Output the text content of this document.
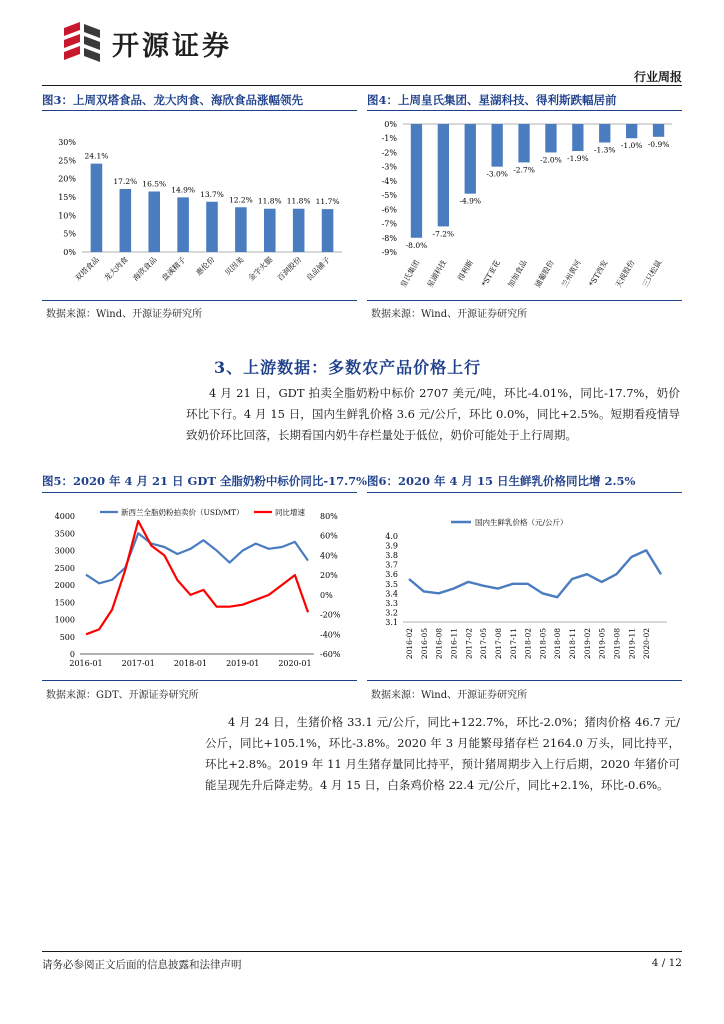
开源证券
行业周报
图3：上周双塔食品、龙大肉食、海欣食品涨幅领先
0%
5%
10%
15%
20%
25%
30%
24.1%
双塔食品
17.2%
龙大肉食
16.5%
海欣食品
14.9%
盘溪精子
13.7%
惠伦份
12.2%
贝因美
11.8%
金字火腿
11.8%
百润股份
11.7%
良品铺子
数据来源：Wind、开源证券研究所
图4：上周皇氏集团、星湖科技、得利斯跌幅居前
0%
-1%
-2%
-3%
-4%
-5%
-6%
-7%
-8%
-9%
-8.0%
-7.2%
-4.9%
-3.0% -2.7%
-2.0% -1.9%
-1.3% -1.0% -0.9%
皇氏集团 星湖科技 得利斯 *ST亚花 加加食品 通葡股份 兰州黄河 *ST西发 天视股份 三只松鼠
数据来源：Wind、开源证券研究所
3、上游数据：多数农产品价格上行
4 月 21 日，GDT 拍卖全脂奶粉中标价 2707 美元/吨，环比-4.01%，同比-17.7%，奶价环比下行。4 月 15 日，国内生鲜乳价格 3.6 元/公斤，环比 0.0%，同比+2.5%。短期看疫情导致奶价环比回落，长期看国内奶牛存栏量处于低位，奶价可能处于上行周期。
图5：2020 年 4 月 21 日 GDT 全脂奶粉中标价同比-17.7%
0
500
1000
1500
2000
2500
3000
3500
4000
-60%
-40%
-20%
0%
20%
40%
60%
80%
2016-01 2017-01 2018-01 2019-01 2020-01
新西兰全脂奶粉拍卖价（USD/MT）	同比增速
数据来源：GDT、开源证券研究所
图6：2020 年 4 月 15 日生鲜乳价格同比增 2.5%
3.1
3.2
3.3
3.4
3.5
3.6
3.7
3.8
3.9
4.0
2016-02 2016-05 2016-08 2016-11 2017-02 2017-05 2017-08 2017-11 2018-02 2018-05 2018-08 2018-11 2019-02 2019-05 2019-08 2019-11 2020-02
国内生鲜乳价格（元/公斤）
数据来源：Wind、开源证券研究所
4 月 24 日，生猪价格 33.1 元/公斤，同比+122.7%，环比-2.0%；猪肉价格 46.7 元/公斤，同比+105.1%，环比-3.8%。2020 年 3 月能繁母猪存栏 2164.0 万头，同比持平，环比+2.8%。2019 年 11 月生猪存量同比持平，预计猪周期步入上行后期，2020 年猪价可能呈现先升后降走势。4 月 15 日，白条鸡价格 22.4 元/公斤，同比+2.1%，环比-0.6%。
请务必参阅正文后面的信息披露和法律声明	4 / 12
